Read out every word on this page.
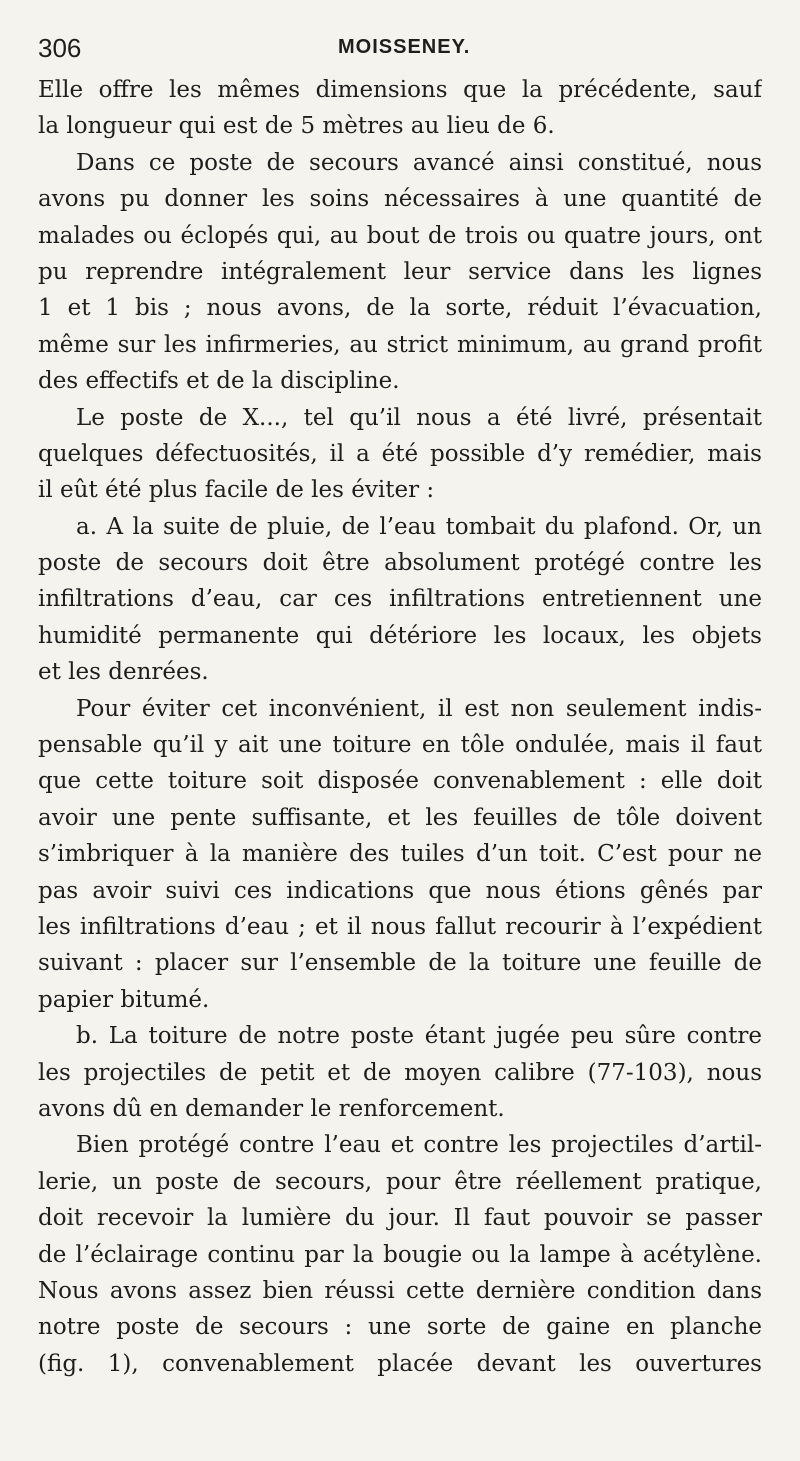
306	MOISSENEY.
Elle offre les mêmes dimensions que la précédente, sauf
la longueur qui est de 5 mètres au lieu de 6.
Dans ce poste de secours avancé ainsi constitué, nous
avons pu donner les soins nécessaires à une quantité de
malades ou éclopés qui, au bout de trois ou quatre jours, ont
pu reprendre intégralement leur service dans les lignes
1 et 1 bis ; nous avons, de la sorte, réduit l’évacuation,
même sur les infirmeries, au strict minimum, au grand profit
des effectifs et de la discipline.
Le poste de X..., tel qu’il nous a été livré, présentait
quelques défectuosités, il a été possible d’y remédier, mais
il eût été plus facile de les éviter :
a. A la suite de pluie, de l’eau tombait du plafond. Or, un
poste de secours doit être absolument protégé contre les
infiltrations d’eau, car ces infiltrations entretiennent une
humidité permanente qui détériore les locaux, les objets
et les denrées.
Pour éviter cet inconvénient, il est non seulement indis-
pensable qu’il y ait une toiture en tôle ondulée, mais il faut
que cette toiture soit disposée convenablement : elle doit
avoir une pente suffisante, et les feuilles de tôle doivent
s’imbriquer à la manière des tuiles d’un toit. C’est pour ne
pas avoir suivi ces indications que nous étions gênés par
les infiltrations d’eau ; et il nous fallut recourir à l’expédient
suivant : placer sur l’ensemble de la toiture une feuille de
papier bitumé.
b. La toiture de notre poste étant jugée peu sûre contre
les projectiles de petit et de moyen calibre (77-103), nous
avons dû en demander le renforcement.
Bien protégé contre l’eau et contre les projectiles d’artil-
lerie, un poste de secours, pour être réellement pratique,
doit recevoir la lumière du jour. Il faut pouvoir se passer
de l’éclairage continu par la bougie ou la lampe à acétylène.
Nous avons assez bien réussi cette dernière condition dans
notre poste de secours : une sorte de gaine en planche
(fig. 1), convenablement placée devant les ouvertures
